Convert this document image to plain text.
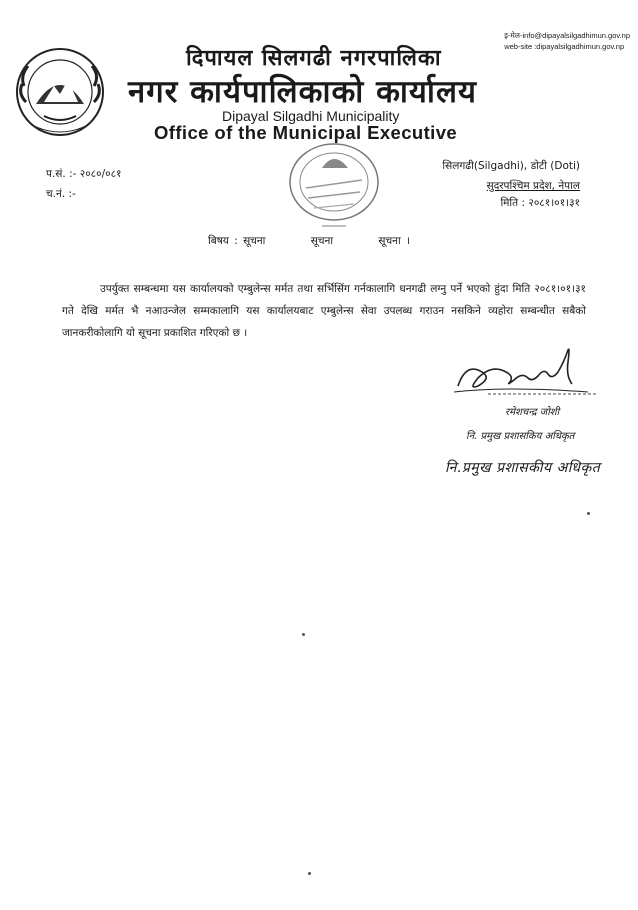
इ-मेल-info@dipayalsilgadhimun.gov.np
web-site :dipayalsilgadhimun.gov.np
दिपायल सिलगढी नगरपालिका
नगर कार्यपालिकाको कार्यालय
Dipayal Silgadhi Municipality
Office of the Municipal Executive
प.सं. :- २०८०/०८१
च.नं. :-
सिलगढी(Silgadhi), डोटी (Doti)
सुदरपश्चिम प्रदेश, नेपाल
मिति : २०८१।०१।३१
बिषय : सूचना	सूचना	सूचना ।
उपर्युक्त सम्बन्धमा यस कार्यालयको एम्बुलेन्स मर्मत तथा सर्भिसिंग गर्नकालागि धनगढी लग्नु पर्ने भएको हुंदा मिति २०८१।०१।३१ गते देखि मर्मत भै नआउन्जेल सम्मकालागि यस कार्यालयबाट एम्बुलेन्स सेवा उपलब्ध गराउन नसकिने व्यहोरा सम्बन्धीत सबैको जानकरीकोलागि यो सूचना प्रकाशित गरिएको छ ।
रमेशचन्द्र जोशी
नि. प्रमुख प्रशासकिय अधिकृत
नि.प्रमुख प्रशासकीय अधिकृत
